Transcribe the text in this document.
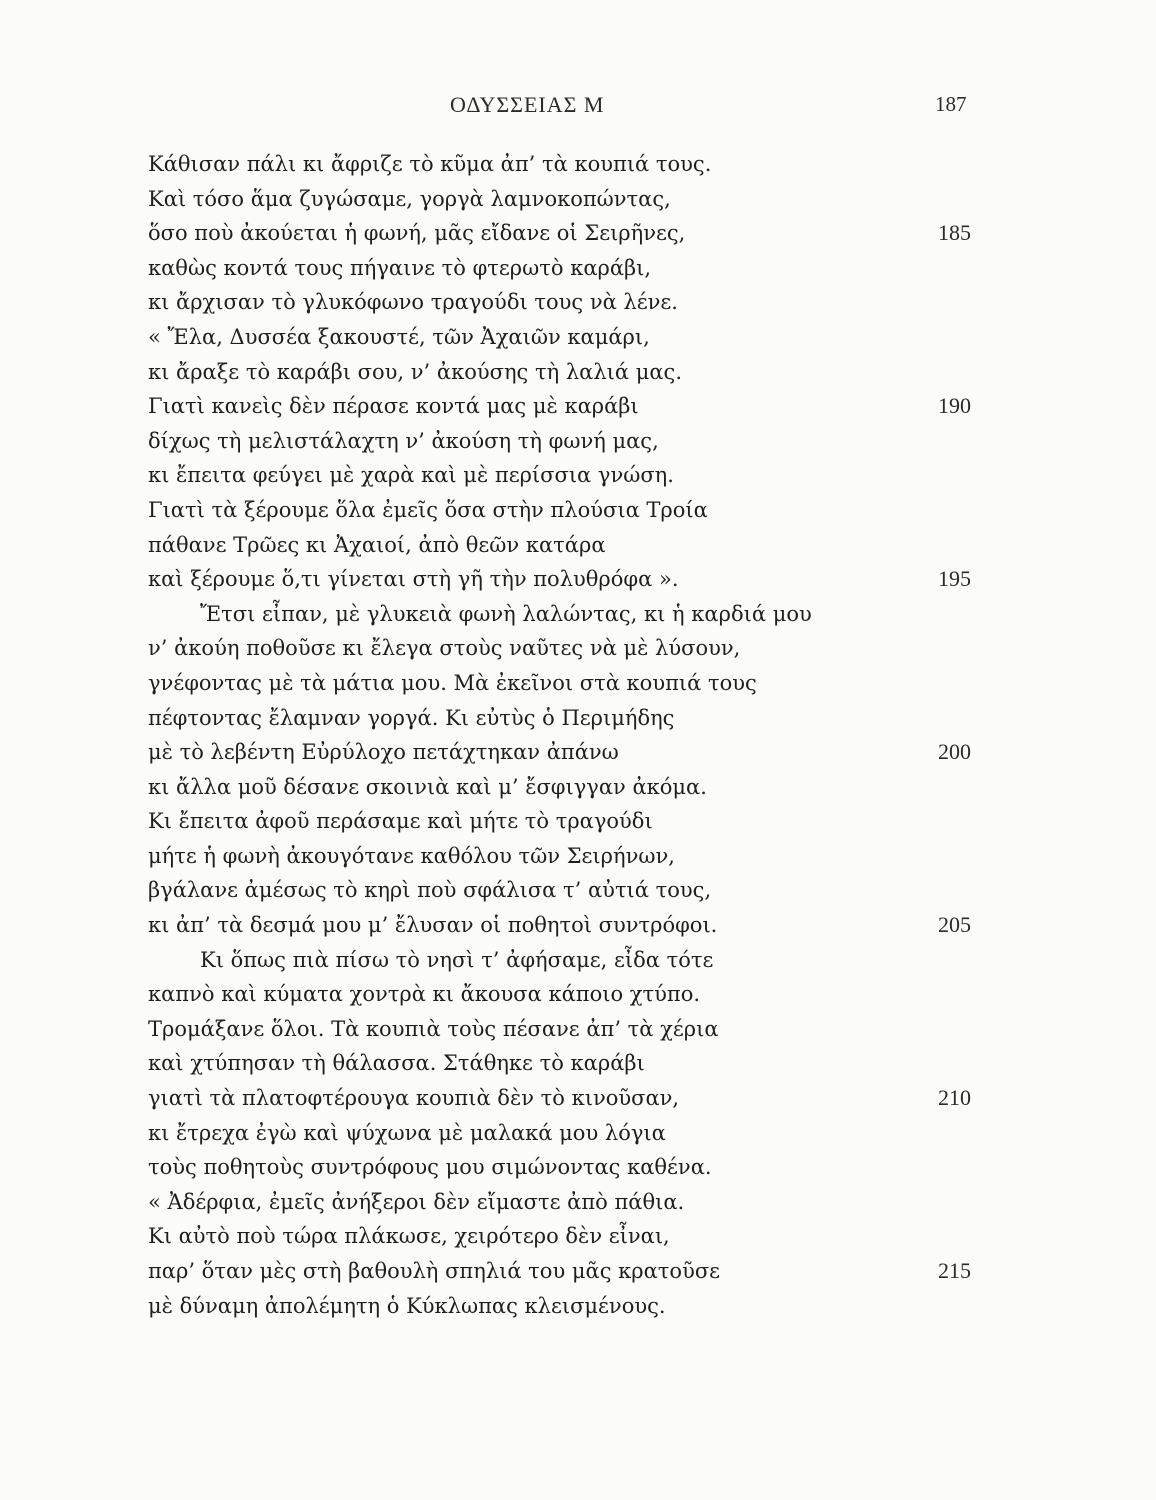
ΟΔΥΣΣΕΙΑΣ Μ	187
Κάθισαν πάλι κι ἄφριζε τὸ κῦμα ἀπ’ τὰ κουπιά τους.
Καὶ τόσο ἅμα ζυγώσαμε, γοργὰ λαμνοκοπώντας,
ὅσο ποὺ ἀκούεται ἡ φωνή, μᾶς εἴδανε οἱ Σειρῆνες,	185
καθὼς κοντά τους πήγαινε τὸ φτερωτὸ καράβι,
κι ἄρχισαν τὸ γλυκόφωνο τραγούδι τους νὰ λένε.
« Ἔλα, Δυσσέα ξακουστέ, τῶν Ἀχαιῶν καμάρι,
κι ἄραξε τὸ καράβι σου, ν’ ἀκούσης τὴ λαλιά μας.
Γιατὶ κανεὶς δὲν πέρασε κοντά μας μὲ καράβι	190
δίχως τὴ μελιστάλαχτη ν’ ἀκούση τὴ φωνή μας,
κι ἔπειτα φεύγει μὲ χαρὰ καὶ μὲ περίσσια γνώση.
Γιατὶ τὰ ξέρουμε ὅλα ἐμεῖς ὅσα στὴν πλούσια Τροία
πάθανε Τρῶες κι Ἀχαιοί, ἀπὸ θεῶν κατάρα
καὶ ξέρουμε ὅ,τι γίνεται στὴ γῆ τὴν πολυθρόφα ».	195
Ἔτσι εἶπαν, μὲ γλυκειὰ φωνὴ λαλώντας, κι ἡ καρδιά μου
ν’ ἀκούη ποθοῦσε κι ἔλεγα στοὺς ναῦτες νὰ μὲ λύσουν,
γνέφοντας μὲ τὰ μάτια μου. Μὰ ἐκεῖνοι στὰ κουπιά τους
πέφτοντας ἔλαμναν γοργά. Κι εὐτὺς ὁ Περιμήδης
μὲ τὸ λεβέντη Εὐρύλοχο πετάχτηκαν ἀπάνω	200
κι ἄλλα μοῦ δέσανε σκοινιὰ καὶ μ’ ἔσφιγγαν ἀκόμα.
Κι ἔπειτα ἀφοῦ περάσαμε καὶ μήτε τὸ τραγούδι
μήτε ἡ φωνὴ ἀκουγότανε καθόλου τῶν Σειρήνων,
βγάλανε ἀμέσως τὸ κηρὶ ποὺ σφάλισα τ’ αὐτιά τους,
κι ἀπ’ τὰ δεσμά μου μ’ ἔλυσαν οἱ ποθητοὶ συντρόφοι.	205
Κι ὅπως πιὰ πίσω τὸ νησὶ τ’ ἀφήσαμε, εἶδα τότε
καπνὸ καὶ κύματα χοντρὰ κι ἄκουσα κάποιο χτύπο.
Τρομάξανε ὅλοι. Τὰ κουπιὰ τοὺς πέσανε ἀπ’ τὰ χέρια
καὶ χτύπησαν τὴ θάλασσα. Στάθηκε τὸ καράβι
γιατὶ τὰ πλατοφτέρουγα κουπιὰ δὲν τὸ κινοῦσαν,	210
κι ἔτρεχα ἐγὼ καὶ ψύχωνα μὲ μαλακά μου λόγια
τοὺς ποθητοὺς συντρόφους μου σιμώνοντας καθένα.
« Ἀδέρφια, ἐμεῖς ἀνήξεροι δὲν εἴμαστε ἀπὸ πάθια.
Κι αὐτὸ ποὺ τώρα πλάκωσε, χειρότερο δὲν εἶναι,
παρ’ ὅταν μὲς στὴ βαθουλὴ σπηλιά του μᾶς κρατοῦσε	215
μὲ δύναμη ἀπολέμητη ὁ Κύκλωπας κλεισμένους.
